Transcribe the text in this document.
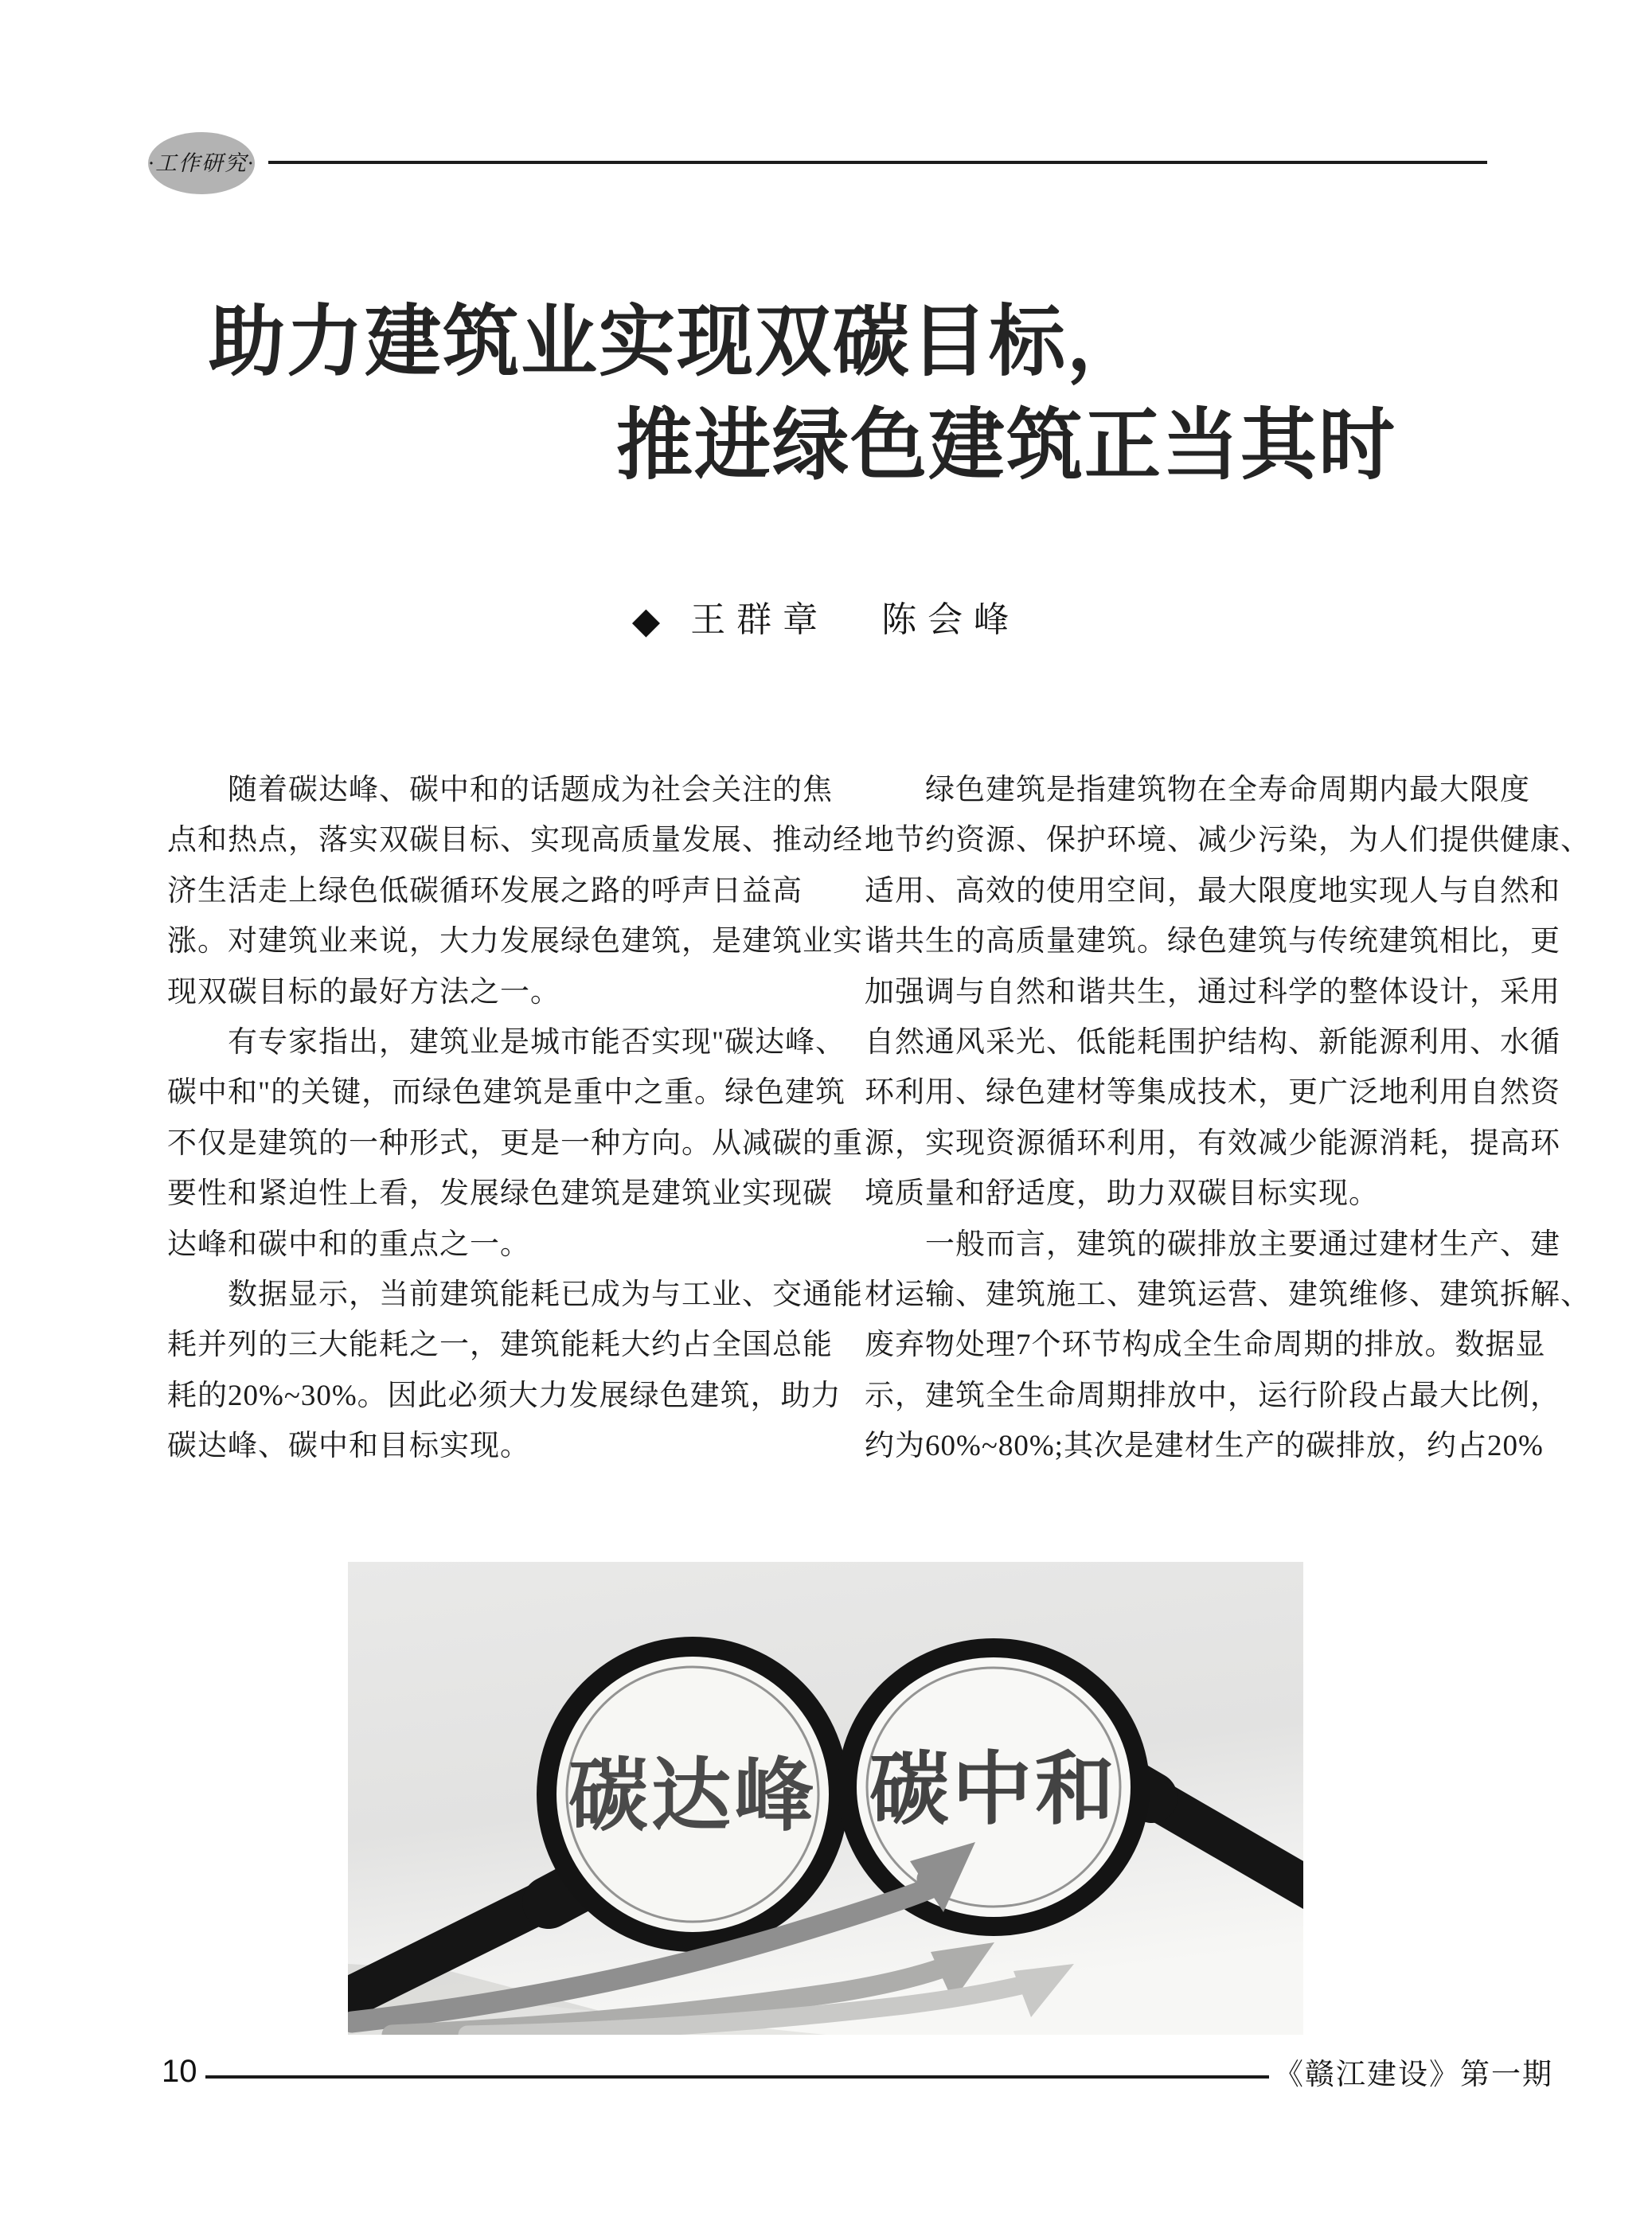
·工作研究·
助力建筑业实现双碳目标，
推进绿色建筑正当其时
◆ 王群章 陈会峰
　　随着碳达峰、碳中和的话题成为社会关注的焦
点和热点，落实双碳目标、实现高质量发展、推动经
济生活走上绿色低碳循环发展之路的呼声日益高
涨。对建筑业来说，大力发展绿色建筑，是建筑业实
现双碳目标的最好方法之一。
　　有专家指出，建筑业是城市能否实现"碳达峰、
碳中和"的关键，而绿色建筑是重中之重。绿色建筑
不仅是建筑的一种形式，更是一种方向。从减碳的重
要性和紧迫性上看，发展绿色建筑是建筑业实现碳
达峰和碳中和的重点之一。
　　数据显示，当前建筑能耗已成为与工业、交通能
耗并列的三大能耗之一，建筑能耗大约占全国总能
耗的20%~30%。因此必须大力发展绿色建筑，助力
碳达峰、碳中和目标实现。
　　绿色建筑是指建筑物在全寿命周期内最大限度
地节约资源、保护环境、减少污染，为人们提供健康、
适用、高效的使用空间，最大限度地实现人与自然和
谐共生的高质量建筑。绿色建筑与传统建筑相比，更
加强调与自然和谐共生，通过科学的整体设计，采用
自然通风采光、低能耗围护结构、新能源利用、水循
环利用、绿色建材等集成技术，更广泛地利用自然资
源，实现资源循环利用，有效减少能源消耗，提高环
境质量和舒适度，助力双碳目标实现。
　　一般而言，建筑的碳排放主要通过建材生产、建
材运输、建筑施工、建筑运营、建筑维修、建筑拆解、
废弃物处理7个环节构成全生命周期的排放。数据显
示，建筑全生命周期排放中，运行阶段占最大比例，
约为60%~80%;其次是建材生产的碳排放，约占20%
碳达峰 碳中和
10	《赣江建设》第一期
